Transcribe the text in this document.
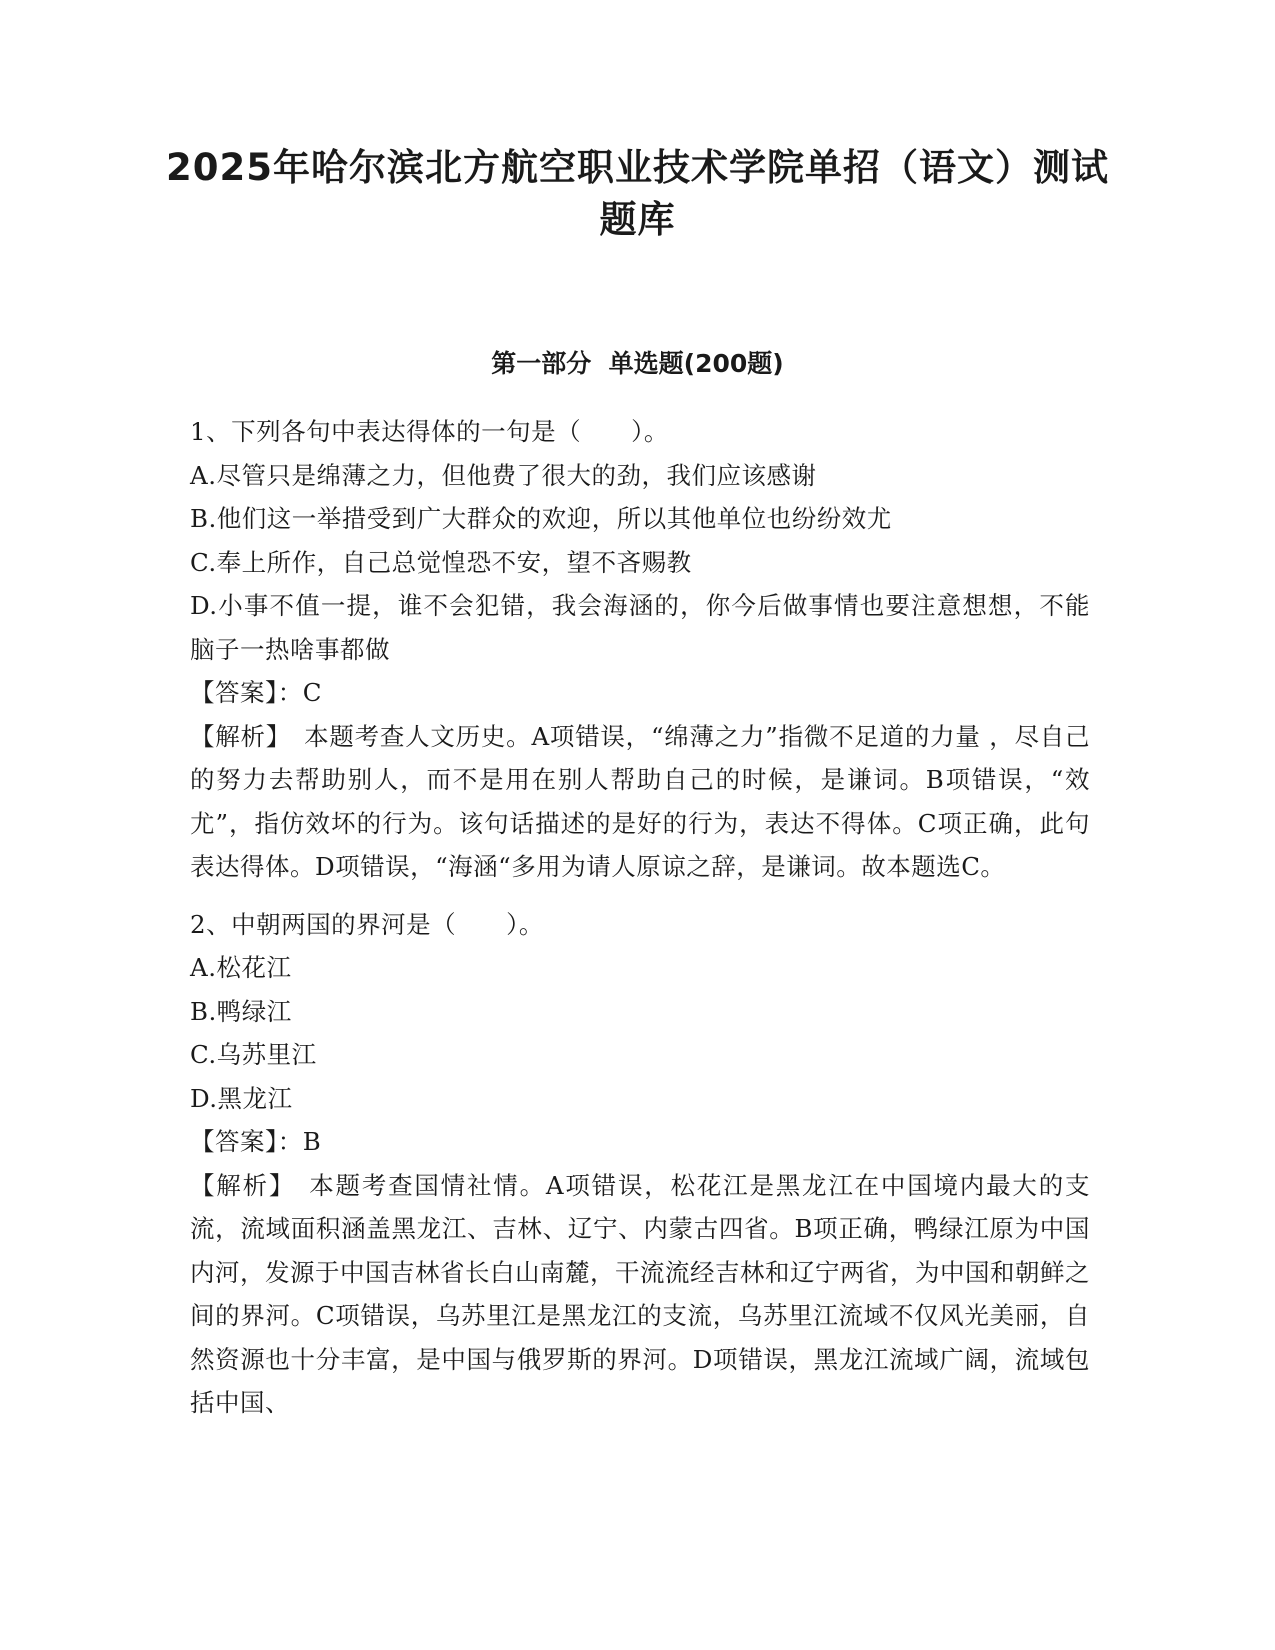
2025年哈尔滨北方航空职业技术学院单招（语文）测试题库
第一部分  单选题(200题)

1、下列各句中表达得体的一句是（　　）。

A.尽管只是绵薄之力，但他费了很大的劲，我们应该感谢

B.他们这一举措受到广大群众的欢迎，所以其他单位也纷纷效尤

C.奉上所作，自己总觉惶恐不安，望不吝赐教

D.小事不值一提，谁不会犯错，我会海涵的，你今后做事情也要注意想想，不能脑子一热啥事都做

【答案】：C

【解析】　本题考查人文历史。A项错误，“绵薄之力”指微不足道的力量 ，尽自己的努力去帮助别人，而不是用在别人帮助自己的时候，是谦词。B项错误，“效尤”，指仿效坏的行为。该句话描述的是好的行为，表达不得体。C项正确，此句表达得体。D项错误，“海涵“多用为请人原谅之辞，是谦词。故本题选C。

2、中朝两国的界河是（　　）。

A.松花江

B.鸭绿江

C.乌苏里江

D.黑龙江

【答案】：B

【解析】　本题考查国情社情。A项错误，松花江是黑龙江在中国境内最大的支流，流域面积涵盖黑龙江、吉林、辽宁、内蒙古四省。B项正确，鸭绿江原为中国内河，发源于中国吉林省长白山南麓，干流流经吉林和辽宁两省，为中国和朝鲜之间的界河。C项错误，乌苏里江是黑龙江的支流，乌苏里江流域不仅风光美丽，自然资源也十分丰富，是中国与俄罗斯的界河。D项错误，黑龙江流域广阔，流域包括中国、
